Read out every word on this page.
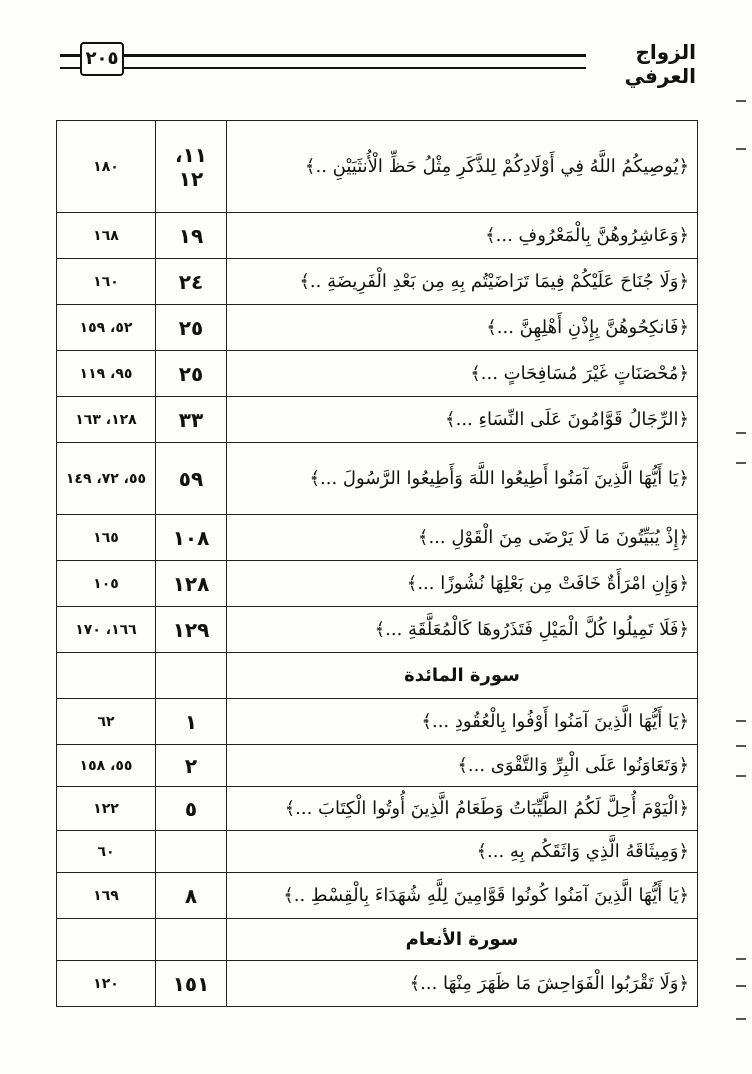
٢٠٥	الزواج العرفي
﴿يُوصِيكُمُ اللَّهُ فِي أَوْلَادِكُمْ لِلذَّكَرِ مِثْلُ حَظِّ الْأُنثَيَيْنِ ..﴾	١١، ١٢	١٨٠
﴿وَعَاشِرُوهُنَّ بِالْمَعْرُوفِ ...﴾	١٩	١٦٨
﴿وَلَا جُنَاحَ عَلَيْكُمْ فِيمَا تَرَاضَيْتُم بِهِ مِن بَعْدِ الْفَرِيضَةِ ..﴾	٢٤	١٦٠
﴿فَانكِحُوهُنَّ بِإِذْنِ أَهْلِهِنَّ ...﴾	٢٥	٥٢، ١٥٩
﴿مُحْصَنَاتٍ غَيْرَ مُسَافِحَاتٍ ...﴾	٢٥	٩٥، ١١٩
﴿الرِّجَالُ قَوَّامُونَ عَلَى النِّسَاءِ ...﴾	٣٣	١٢٨، ١٦٣
﴿يَا أَيُّهَا الَّذِينَ آمَنُوا أَطِيعُوا اللَّهَ وَأَطِيعُوا الرَّسُولَ ...﴾	٥٩	٥٥، ٧٢، ١٤٩
﴿إِذْ يُبَيِّتُونَ مَا لَا يَرْضَى مِنَ الْقَوْلِ ...﴾	١٠٨	١٦٥
﴿وَإِنِ امْرَأَةٌ خَافَتْ مِن بَعْلِهَا نُشُوزًا ...﴾	١٢٨	١٠٥
﴿فَلَا تَمِيلُوا كُلَّ الْمَيْلِ فَتَذَرُوهَا كَالْمُعَلَّقَةِ ...﴾	١٢٩	١٦٦، ١٧٠
سورة المائدة		
﴿يَا أَيُّهَا الَّذِينَ آمَنُوا أَوْفُوا بِالْعُقُودِ ...﴾	١	٦٢
﴿وَتَعَاوَنُوا عَلَى الْبِرِّ وَالتَّقْوَى ...﴾	٢	٥٥، ١٥٨
﴿الْيَوْمَ أُحِلَّ لَكُمُ الطَّيِّبَاتُ وَطَعَامُ الَّذِينَ أُوتُوا الْكِتَابَ ...﴾	٥	١٢٢
﴿وَمِيثَاقَهُ الَّذِي وَاثَقَكُم بِهِ ...﴾		٦٠
﴿يَا أَيُّهَا الَّذِينَ آمَنُوا كُونُوا قَوَّامِينَ لِلَّهِ شُهَدَاءَ بِالْقِسْطِ ..﴾	٨	١٦٩
سورة الأنعام		
﴿وَلَا تَقْرَبُوا الْفَوَاحِشَ مَا ظَهَرَ مِنْهَا ...﴾	١٥١	١٢٠
